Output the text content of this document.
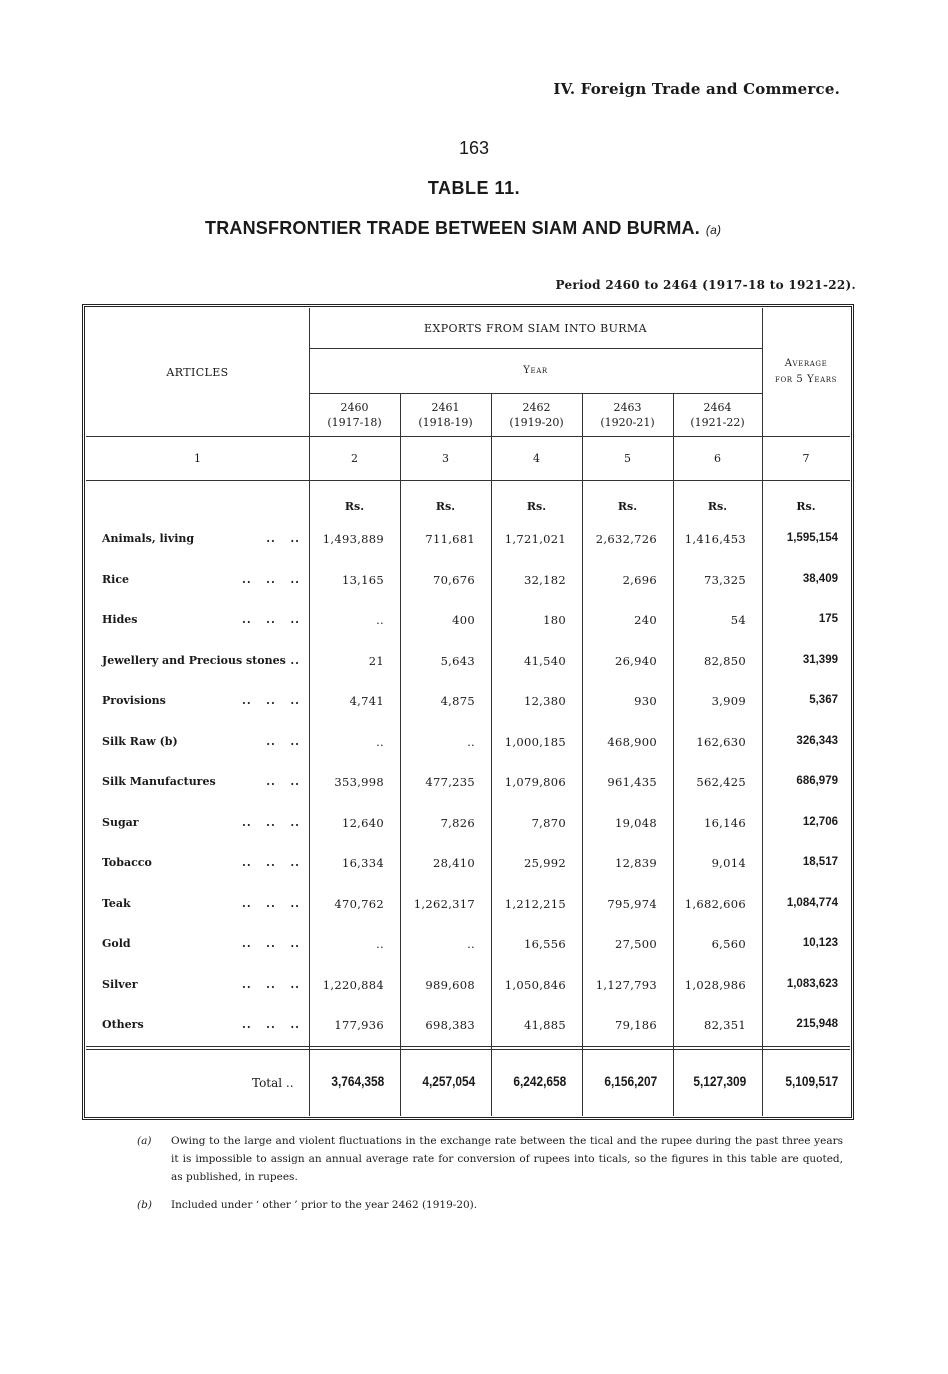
IV. Foreign Trade and Commerce.
163
TABLE 11.
TRANSFRONTIER TRADE BETWEEN SIAM AND BURMA. (a)
Period 2460 to 2464 (1917-18 to 1921-22).
ARTICLES
EXPORTS FROM SIAM INTO BURMA
Year
Average
for 5 Years
2460
(1917-18)
2461
(1918-19)
2462
(1919-20)
2463
(1920-21)
2464
(1921-22)
1	2	3	4	5	6	7
Rs.	Rs.	Rs.	Rs.	Rs.	Rs.
Animals, living	..   .. 1,493,889	711,681	1,721,021	2,632,726 1,416,453	1,595,154
Rice	..   ..   ..	13,165	70,676	32,182	2,696	73,325	38,409
Hides	..   ..   ..	..	400	180	240	54	175
Jewellery and Precious stones ..	21	5,643	41,540	26,940	82,850	31,399
Provisions	..   ..   ..	4,741	4,875	12,380	930	3,909	5,367
Silk Raw (b)	..   ..	..	..	1,000,185	468,900	162,630	326,343
Silk Manufactures	..   ..	353,998	477,235	1,079,806	961,435	562,425	686,979
Sugar	..   ..   ..	12,640	7,826	7,870	19,048	16,146	12,706
Tobacco	..   ..   ..	16,334	28,410	25,992	12,839	9,014	18,517
Teak	..   ..   ..	470,762	1,262,317	1,212,215	795,974 1,682,606	1,084,774
Gold	..   ..   ..	..	..	16,556	27,500	6,560	10,123
Silver	..   ..   .. 1,220,884	989,608	1,050,846	1,127,793 1,028,986	1,083,623
Others	..   ..   ..	177,936	698,383	41,885	79,186	82,351	215,948
Total ..	3,764,358	4,257,054	6,242,658	6,156,207	5,127,309	5,109,517
(a) Owing to the large and violent fluctuations in the exchange rate between the tical and the rupee during the past three years it is impossible to assign an annual average rate for conversion of rupees into ticals, so the figures in this table are quoted, as published, in rupees.
(b) Included under ‘ other ’ prior to the year 2462 (1919-20).
